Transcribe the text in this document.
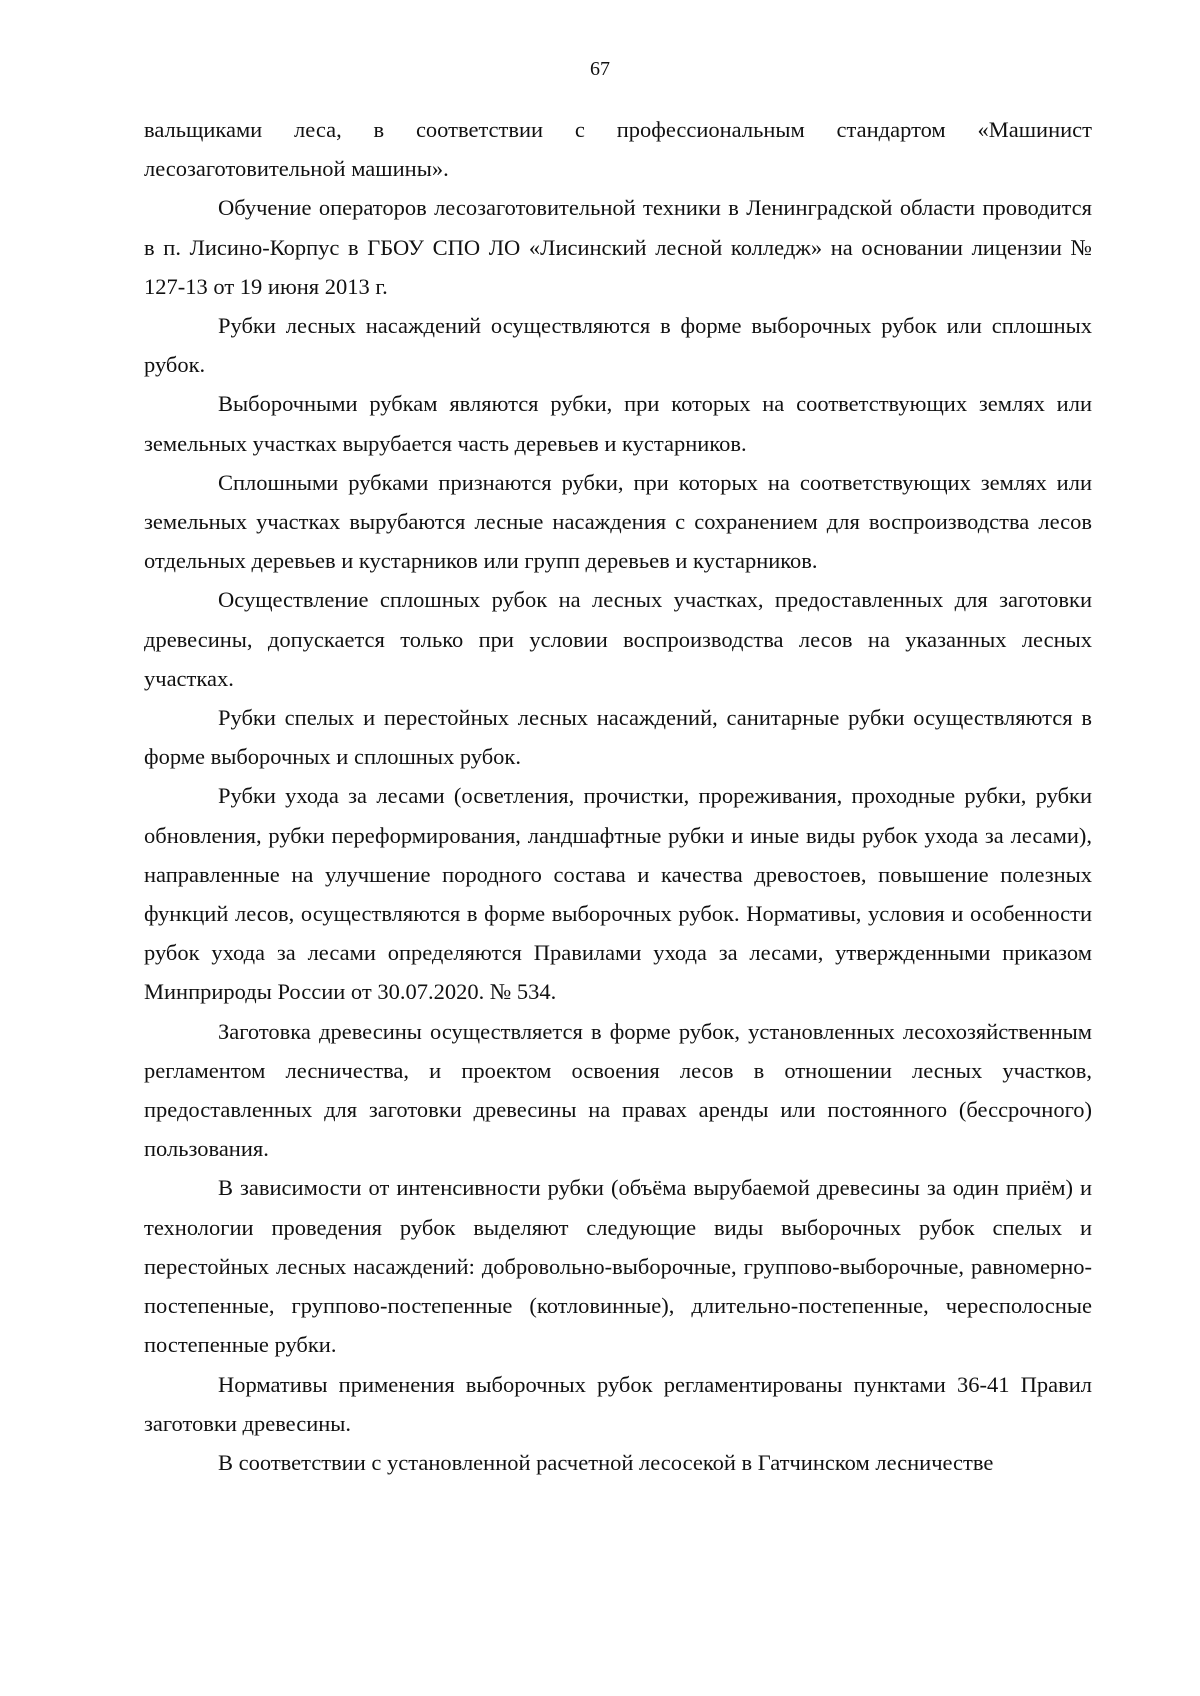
67

вальщиками леса, в соответствии с профессиональным стандартом «Машинист лесозаготовительной машины».

Обучение операторов лесозаготовительной техники в Ленинградской области проводится в п. Лисино-Корпус в ГБОУ СПО ЛО «Лисинский лесной колледж» на основании лицензии № 127-13 от 19 июня 2013 г.

Рубки лесных насаждений осуществляются в форме выборочных рубок или сплошных рубок.

Выборочными рубкам являются рубки, при которых на соответствующих землях или земельных участках вырубается часть деревьев и кустарников.

Сплошными рубками признаются рубки, при которых на соответствующих землях или земельных участках вырубаются лесные насаждения с сохранением для воспроизводства лесов отдельных деревьев и кустарников или групп деревьев и кустарников.

Осуществление сплошных рубок на лесных участках, предоставленных для заготовки древесины, допускается только при условии воспроизводства лесов на указанных лесных участках.

Рубки спелых и перестойных лесных насаждений, санитарные рубки осуществляются в форме выборочных и сплошных рубок.

Рубки ухода за лесами (осветления, прочистки, прореживания, проходные рубки, рубки обновления, рубки переформирования, ландшафтные рубки и иные виды рубок ухода за лесами), направленные на улучшение породного состава и качества древостоев, повышение полезных функций лесов, осуществляются в форме выборочных рубок. Нормативы, условия и особенности рубок ухода за лесами определяются Правилами ухода за лесами, утвержденными приказом Минприроды России от 30.07.2020. № 534.

Заготовка древесины осуществляется в форме рубок, установленных лесохозяйственным регламентом лесничества, и проектом освоения лесов в отношении лесных участков, предоставленных для заготовки древесины на правах аренды или постоянного (бессрочного) пользования.

В зависимости от интенсивности рубки (объёма вырубаемой древесины за один приём) и технологии проведения рубок выделяют следующие виды выборочных рубок спелых и перестойных лесных насаждений: добровольно-выборочные, группово-выборочные, равномерно-постепенные, группово-постепенные (котловинные), длительно-постепенные, чересполосные постепенные рубки.

Нормативы применения выборочных рубок регламентированы пунктами 36-41 Правил заготовки древесины.

В соответствии с установленной расчетной лесосекой в Гатчинском лесничестве
